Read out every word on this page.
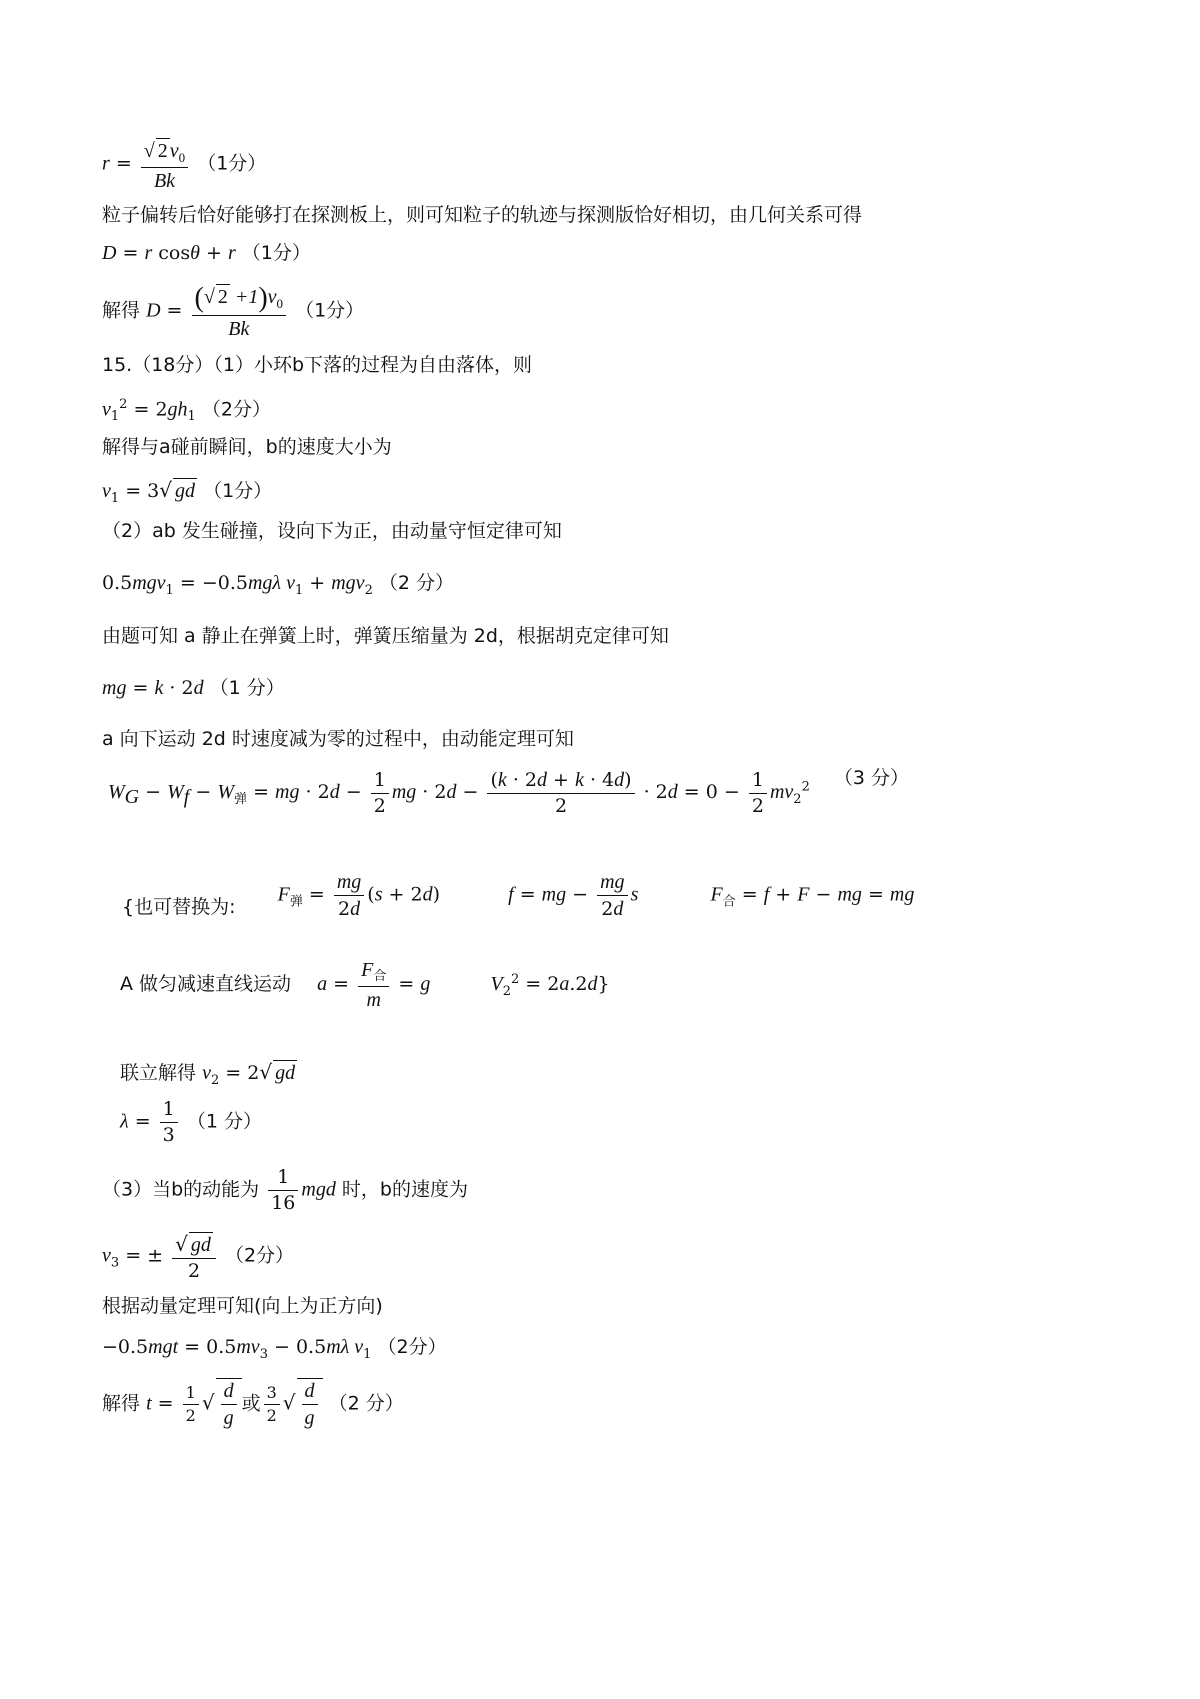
$r = \frac{√ 2 v_0}{Bk} (1$分）
粒子偏转后恰好能够打在探测板上，则可知粒子的轨迹与探测版恰好相切，由几何关系可得
D = r cosθ + r （1分）
解得 $D = \frac{(√ 2 +1)v_0}{Bk} (1$分）
15.（18分）（1）小环b下落的过程为自由落体，则
$v_1^2 = 2gh_1$ （2分）
解得与a碰前瞬间，b的速度大小为
$v_1 = 3√$ gd （1分）
（2）ab 发生碰撞，设向下为正，由动量守恒定律可知
0.5mgv$_1$ = −0.5mgλ $v_1 + mgv_2$ （2 分）
由题可知 a 静止在弹簧上时，弹簧压缩量为 2d，根据胡克定律可知
mg = k · 2d （1 分）
a 向下运动 2d 时速度减为零的过程中，由动能定理可知
$W_G - W_f - W_弹$ = mg · $2d - \frac{1}{2}$ mg · $2d - \frac{(k \cdot 2d + k \cdot 4d)}{2} \cdot 2d = 0 - \frac{1}{2} mv_2^2$ （3 分）
{也可替换为:  $F_弹 = \frac{mg}{2d} (s + 2d)$	f = mg − $\frac{mg}{2d}$ s	$F_合 = f + F$ − mg = mg
A 做匀减速直线运动 $a = \frac{F_合}{m} = g$	$V_2^2 = 2a.2d$}
联立解得 $v_2 = 2√$ gd
$\lambda = \frac{1}{3} (1$ 分）
（3）当b的动能为 $\frac{1}{16}$ mgd 时，b的速度为
$v_3$ = ± $\frac{√ gd}{2} (2$分）
根据动量定理可知(向上为正方向)
$-0.5mgt = 0.5mv_3 - 0.5m\lambda$ $v_1$ （2分）
解得 $t = \frac{1}{2}$ √ $\frac{d}{g}$ 或 $\frac{3}{2}$ √ $\frac{d}{g} (2$ 分）
